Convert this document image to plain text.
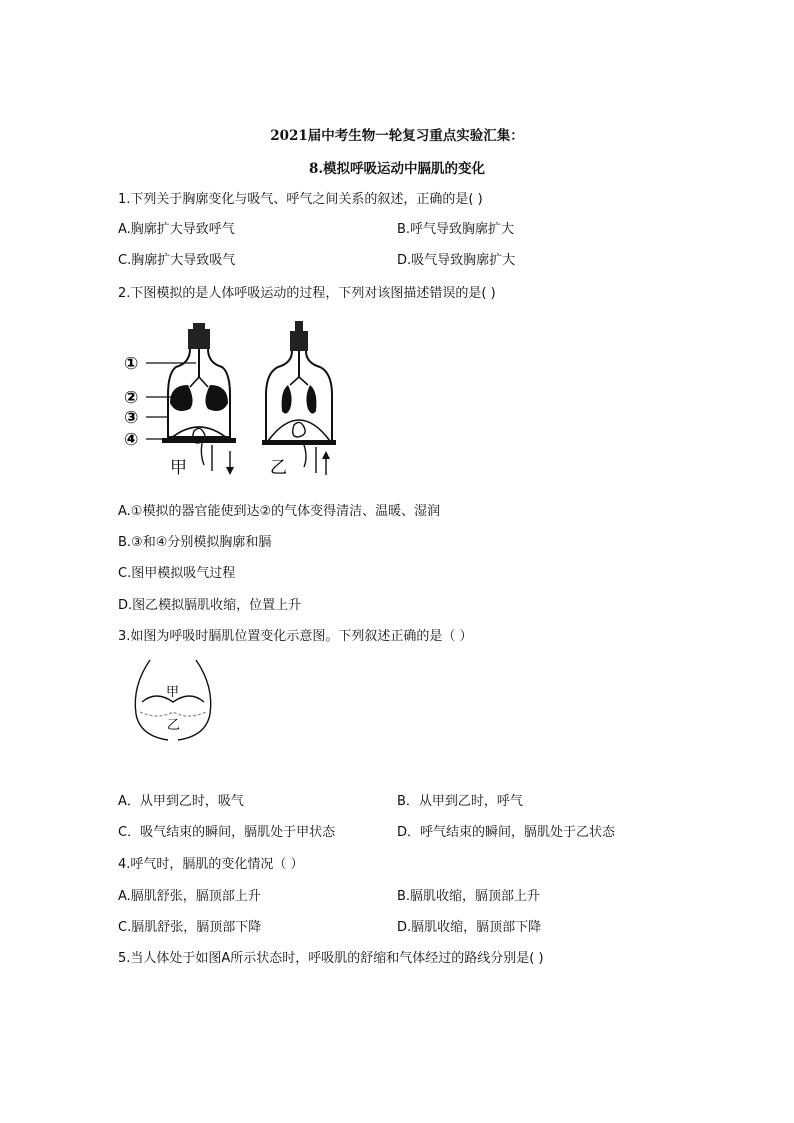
2021届中考生物一轮复习重点实验汇集：
8.模拟呼吸运动中膈肌的变化
1.下列关于胸廓变化与吸气、呼气之间关系的叙述，正确的是( )
A.胸廓扩大导致呼气	B.呼气导致胸廓扩大
C.胸廓扩大导致吸气	D.吸气导致胸廓扩大
2.下图模拟的是人体呼吸运动的过程，下列对该图描述错误的是( )
①
②
③
④
甲	乙
A.①模拟的器官能使到达②的气体变得清洁、温暖、湿润
B.③和④分别模拟胸廓和膈
C.图甲模拟吸气过程
D.图乙模拟膈肌收缩，位置上升
3.如图为呼吸时膈肌位置变化示意图。下列叙述正确的是（ ）
甲
乙
A．从甲到乙时，吸气	B．从甲到乙时，呼气
C．吸气结束的瞬间，膈肌处于甲状态	D．呼气结束的瞬间，膈肌处于乙状态
4.呼气时，膈肌的变化情况（ ）
A.膈肌舒张，膈顶部上升	B.膈肌收缩，膈顶部上升
C.膈肌舒张，膈顶部下降	D.膈肌收缩，膈顶部下降
5.当人体处于如图A所示状态时，呼吸肌的舒缩和气体经过的路线分别是( )
